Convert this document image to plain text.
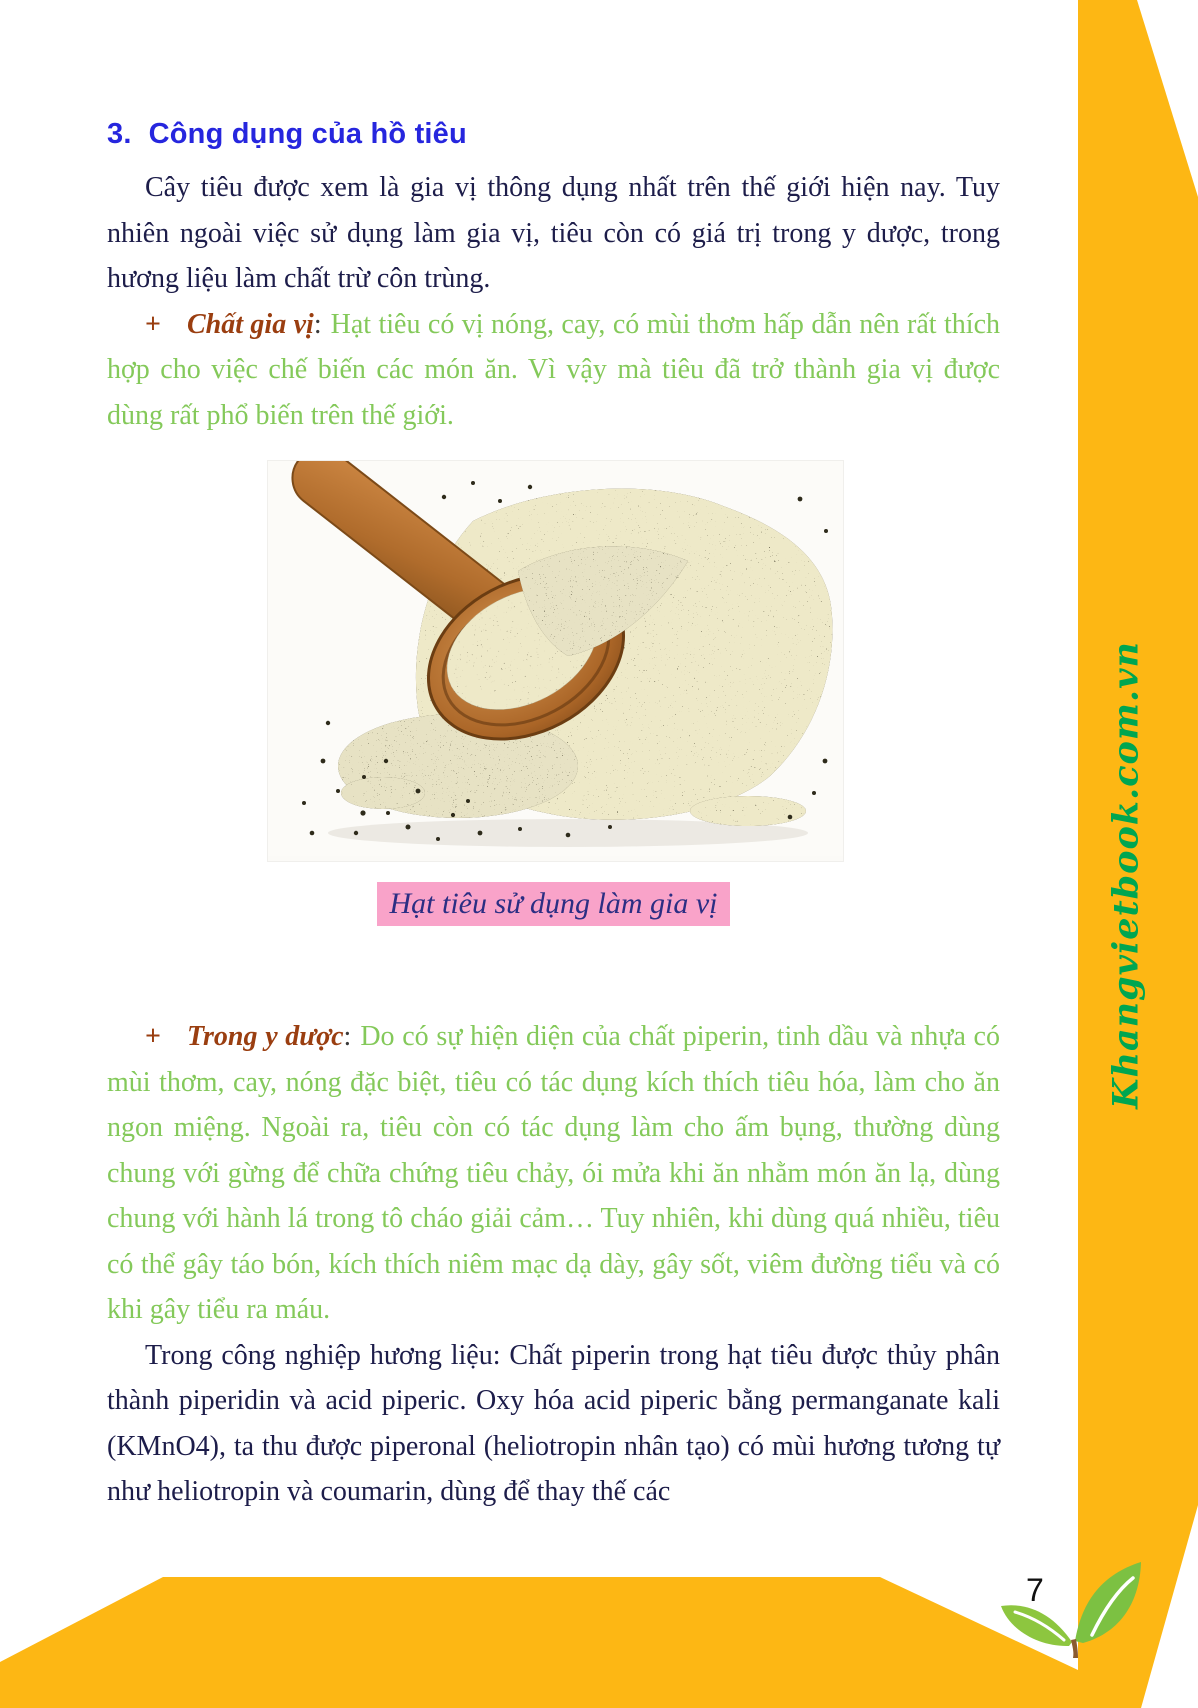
Khangvietbook.com.vn
7
3. Công dụng của hồ tiêu

Cây tiêu được xem là gia vị thông dụng nhất trên thế giới hiện nay. Tuy nhiên ngoài việc sử dụng làm gia vị, tiêu còn có giá trị trong y dược, trong hương liệu làm chất trừ côn trùng.

+ Chất gia vị: Hạt tiêu có vị nóng, cay, có mùi thơm hấp dẫn nên rất thích hợp cho việc chế biến các món ăn. Vì vậy mà tiêu đã trở thành gia vị được dùng rất phổ biến trên thế giới.

Hạt tiêu sử dụng làm gia vị

+ Trong y dược: Do có sự hiện diện của chất piperin, tinh dầu và nhựa có mùi thơm, cay, nóng đặc biệt, tiêu có tác dụng kích thích tiêu hóa, làm cho ăn ngon miệng. Ngoài ra, tiêu còn có tác dụng làm cho ấm bụng, thường dùng chung với gừng để chữa chứng tiêu chảy, ói mửa khi ăn nhằm món ăn lạ, dùng chung với hành lá trong tô cháo giải cảm… Tuy nhiên, khi dùng quá nhiều, tiêu có thể gây táo bón, kích thích niêm mạc dạ dày, gây sốt, viêm đường tiểu và có khi gây tiểu ra máu.

Trong công nghiệp hương liệu: Chất piperin trong hạt tiêu được thủy phân thành piperidin và acid piperic. Oxy hóa acid piperic bằng permanganate kali (KMnO4), ta thu được piperonal (heliotropin nhân tạo) có mùi hương tương tự như heliotropin và coumarin, dùng để thay thế các
